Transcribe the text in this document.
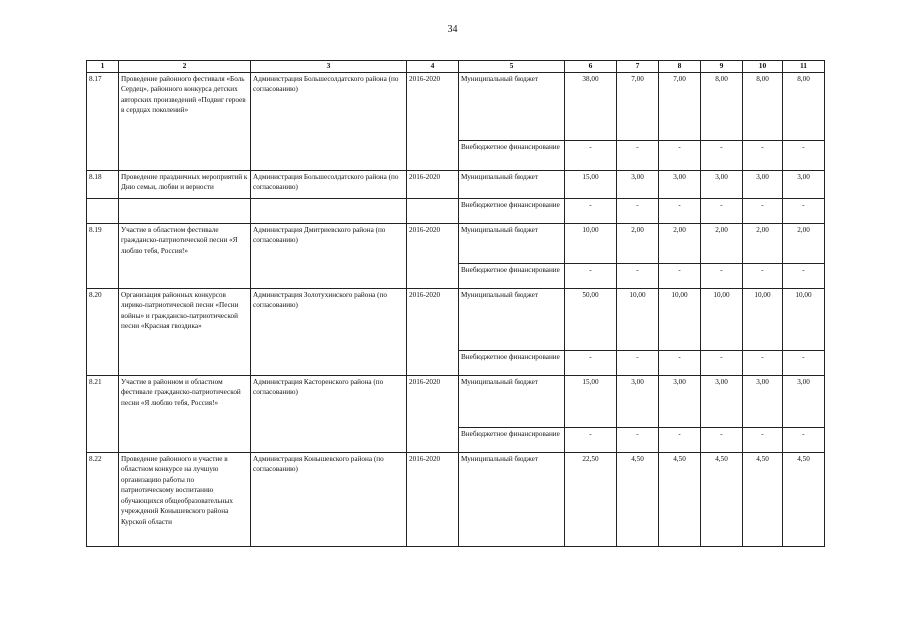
34
1	2	3	4	5	6	7	8	9	10	11
8.17	Проведение районного фестиваля «Боль Сердец», районного конкурса детских авторских произведений «Подвиг героев в сердцах поколений»	Администрация Большесолдатского района (по согласованию)	2016-2020	Муниципальный бюджет	38,00	7,00	7,00	8,00	8,00	8,00
				Внебюджетное финансирование	-	-	-	-	-	-
8.18	Проведение праздничных мероприятий к Дню семьи, любви и верности	Администрация Большесолдатского района (по согласованию)	2016-2020	Муниципальный бюджет	15,00	3,00	3,00	3,00	3,00	3,00
				Внебюджетное финансирование	-	-	-	-	-	-
8.19	Участие в областном фестивале гражданско-патриотической песни «Я люблю тебя, Россия!»	Администрация Дмитриевского района (по согласованию)	2016-2020	Муниципальный бюджет	10,00	2,00	2,00	2,00	2,00	2,00
				Внебюджетное финансирование	-	-	-	-	-	-
8.20	Организация районных конкурсов лирико-патриотической песни «Песни войны» и гражданско-патриотической песни «Красная гвоздика»	Администрация Золотухинского района (по согласованию)	2016-2020	Муниципальный бюджет	50,00	10,00	10,00	10,00	10,00	10,00
				Внебюджетное финансирование	-	-	-	-	-	-
8.21	Участие в районном и областном фестивале гражданско-патриотической песни «Я люблю тебя, Россия!»	Администрация Касторенского района (по согласованию)	2016-2020	Муниципальный бюджет	15,00	3,00	3,00	3,00	3,00	3,00
				Внебюджетное финансирование	-	-	-	-	-	-
8.22	Проведение районного и участие в областном конкурсе на лучшую организацию работы по патриотическому воспитанию обучающихся общеобразовательных учреждений Конышевского района Курской области	Администрация Конышевского района (по согласованию)	2016-2020	Муниципальный бюджет	22,50	4,50	4,50	4,50	4,50	4,50
